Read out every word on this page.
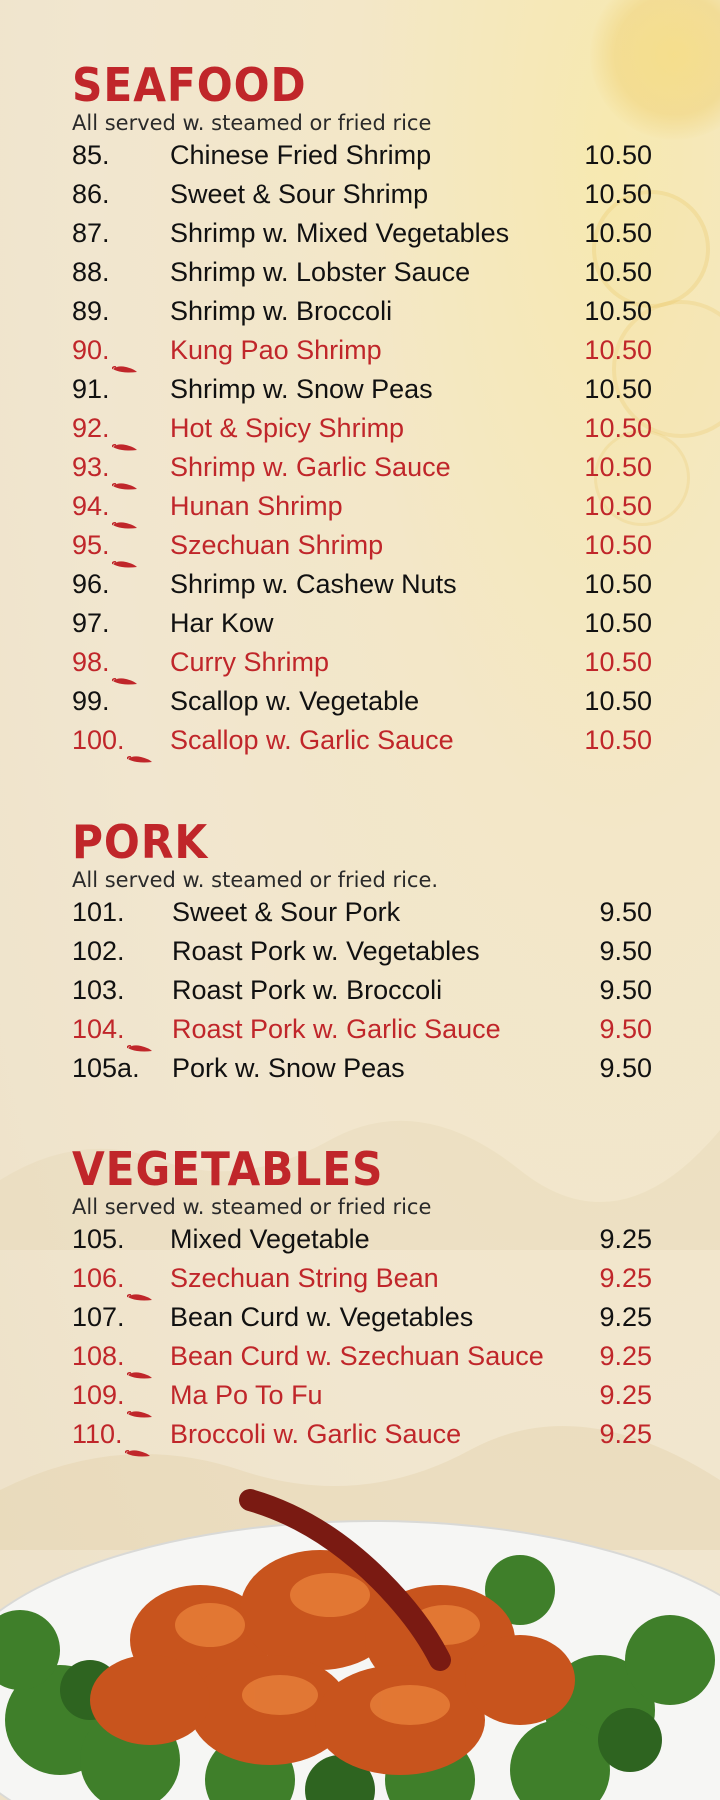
SEAFOOD
All served w. steamed or fried rice
85. Chinese Fried Shrimp	10.50
86. Sweet & Sour Shrimp	10.50
87. Shrimp w. Mixed Vegetables	10.50
88. Shrimp w. Lobster Sauce	10.50
89. Shrimp w. Broccoli	10.50
90.	Kung Pao Shrimp	10.50
91. Shrimp w. Snow Peas	10.50
92.	Hot & Spicy Shrimp	10.50
93.	Shrimp w. Garlic Sauce	10.50
94.	Hunan Shrimp	10.50
95.	Szechuan Shrimp	10.50
96. Shrimp w. Cashew Nuts	10.50
97. Har Kow	10.50
98.	Curry Shrimp	10.50
99. Scallop w. Vegetable	10.50
100.	Scallop w. Garlic Sauce	10.50
PORK
All served w. steamed or fried rice.
101. Sweet & Sour Pork	9.50
102. Roast Pork w. Vegetables	9.50
103. Roast Pork w. Broccoli	9.50
104.	Roast Pork w. Garlic Sauce	9.50
105a. Pork w. Snow Peas	9.50
VEGETABLES
All served w. steamed or fried rice
105. Mixed Vegetable	9.25
106.	Szechuan String Bean	9.25
107. Bean Curd w. Vegetables	9.25
108.	Bean Curd w. Szechuan Sauce 9.25
109.	Ma Po To Fu	9.25
110.	Broccoli w. Garlic Sauce	9.25
